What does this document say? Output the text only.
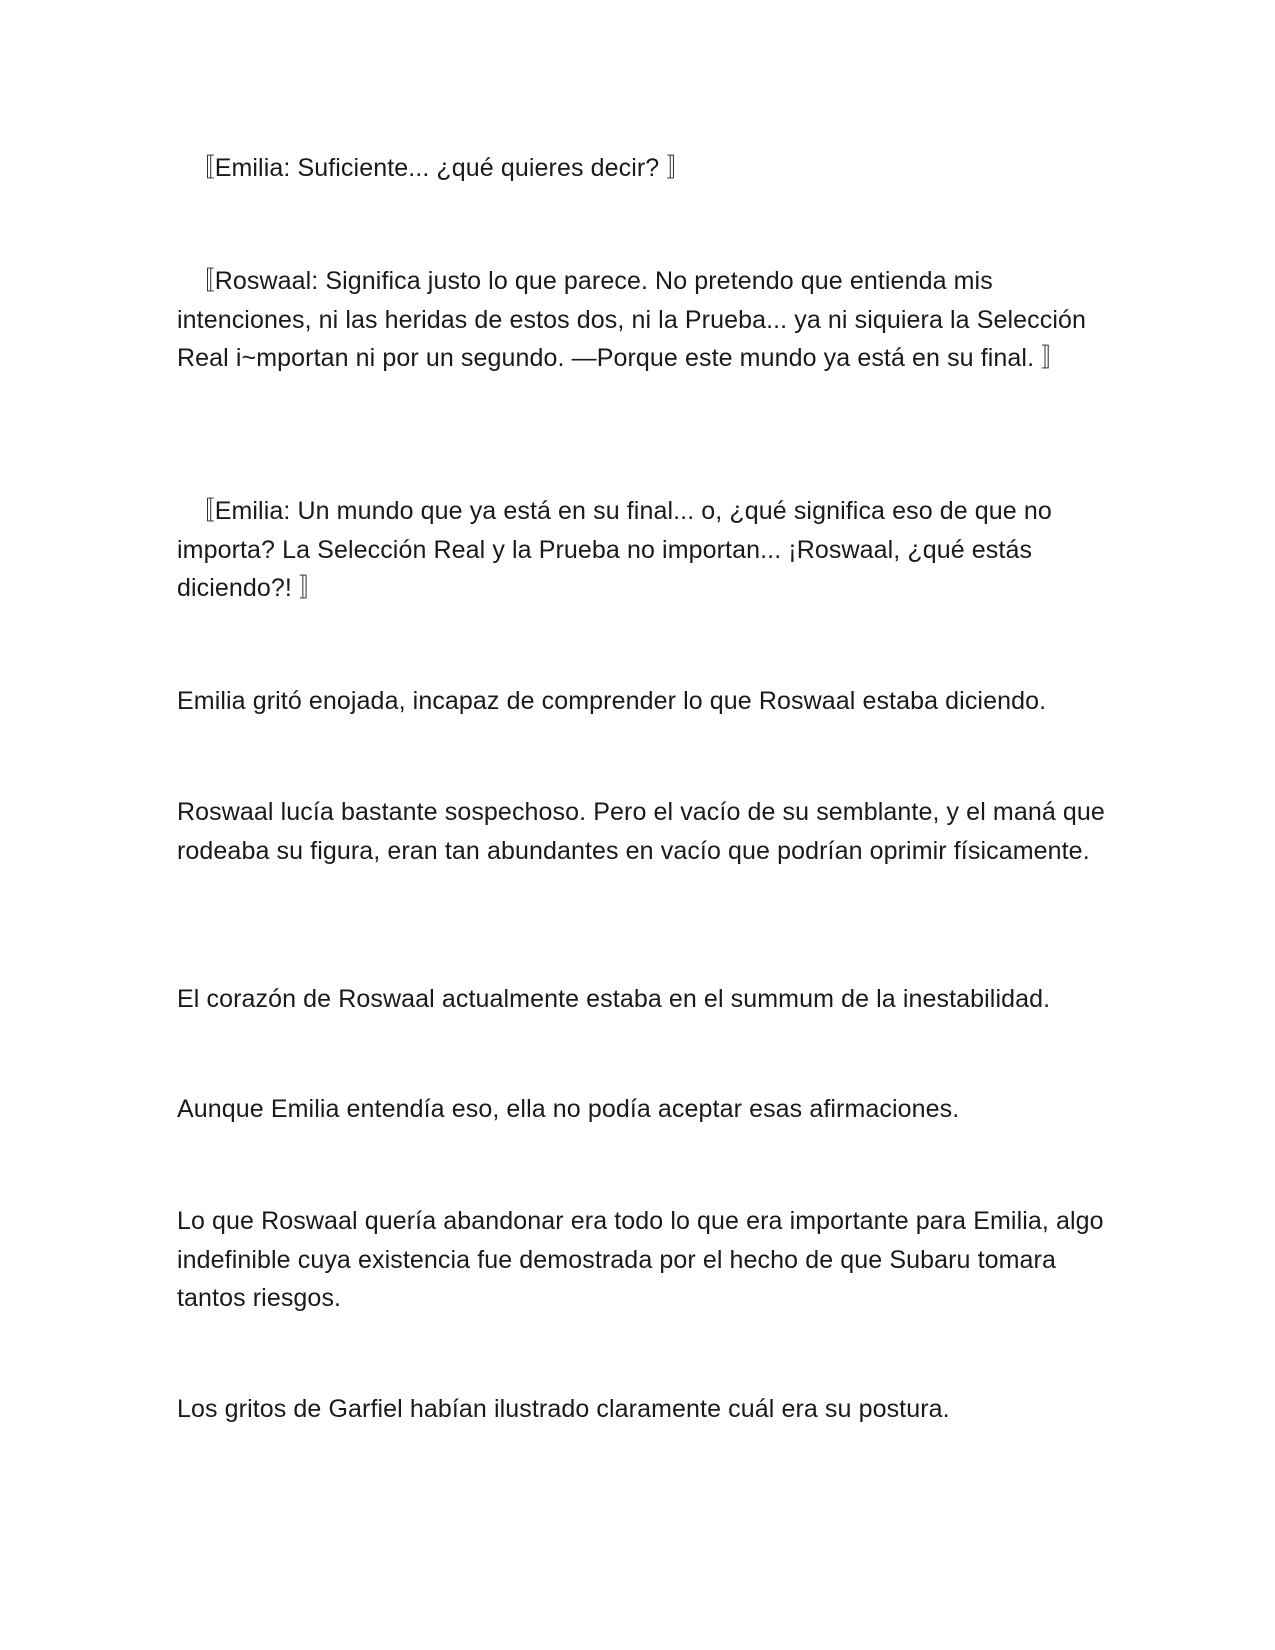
　〚Emilia: Suficiente... ¿qué quieres decir? 〛

　〚Roswaal: Significa justo lo que parece. No pretendo que entienda mis intenciones, ni las heridas de estos dos, ni la Prueba... ya ni siquiera la Selección Real i~mportan ni por un segundo. —Porque este mundo ya está en su final. 〛

　〚Emilia: Un mundo que ya está en su final... o, ¿qué significa eso de que no importa? La Selección Real y la Prueba no importan... ¡Roswaal, ¿qué estás diciendo?! 〛

Emilia gritó enojada, incapaz de comprender lo que Roswaal estaba diciendo.

Roswaal lucía bastante sospechoso. Pero el vacío de su semblante, y el maná que rodeaba su figura, eran tan abundantes en vacío que podrían oprimir físicamente.

El corazón de Roswaal actualmente estaba en el summum de la inestabilidad.

Aunque Emilia entendía eso, ella no podía aceptar esas afirmaciones.

Lo que Roswaal quería abandonar era todo lo que era importante para Emilia, algo indefinible cuya existencia fue demostrada por el hecho de que Subaru tomara tantos riesgos.

Los gritos de Garfiel habían ilustrado claramente cuál era su postura.
